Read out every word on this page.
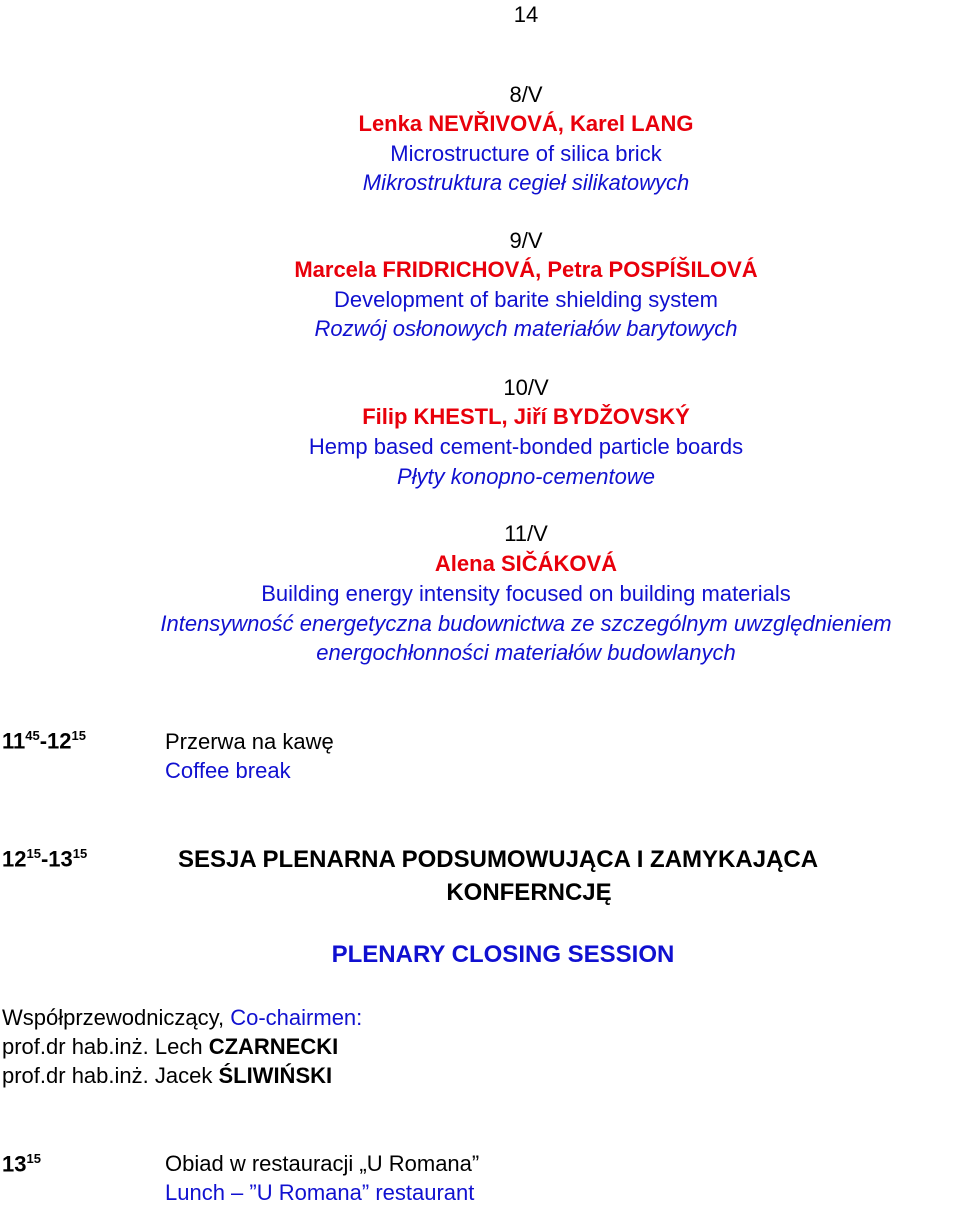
14
8/V
Lenka NEVŘIVOVÁ, Karel LANG
Microstructure of silica brick
Mikrostruktura cegieł silikatowych
9/V
Marcela FRIDRICHOVÁ, Petra POSPÍŠILOVÁ
Development of barite shielding system
Rozwój osłonowych materiałów barytowych
10/V
Filip KHESTL, Jiří BYDŽOVSKÝ
Hemp based cement-bonded particle boards
Płyty konopno-cementowe
11/V
Alena SIČÁKOVÁ
Building energy intensity focused on building materials
Intensywność energetyczna budownictwa ze szczególnym uwzględnieniem
energochłonności materiałów budowlanych
$11^{45}-12^{15}$	Przerwa na kawę
Coffee break
$12^{15}-13^{15}$	SESJA PLENARNA PODSUMOWUJĄCA I ZAMYKAJĄCA
KONFERNCJĘ
PLENARY CLOSING SESSION
Współprzewodniczący, Co-chairmen:
prof.dr hab.inż. Lech CZARNECKI
prof.dr hab.inż. Jacek ŚLIWIŃSKI
$13^{15}$	Obiad w restauracji „U Romana”
Lunch – ”U Romana” restaurant
